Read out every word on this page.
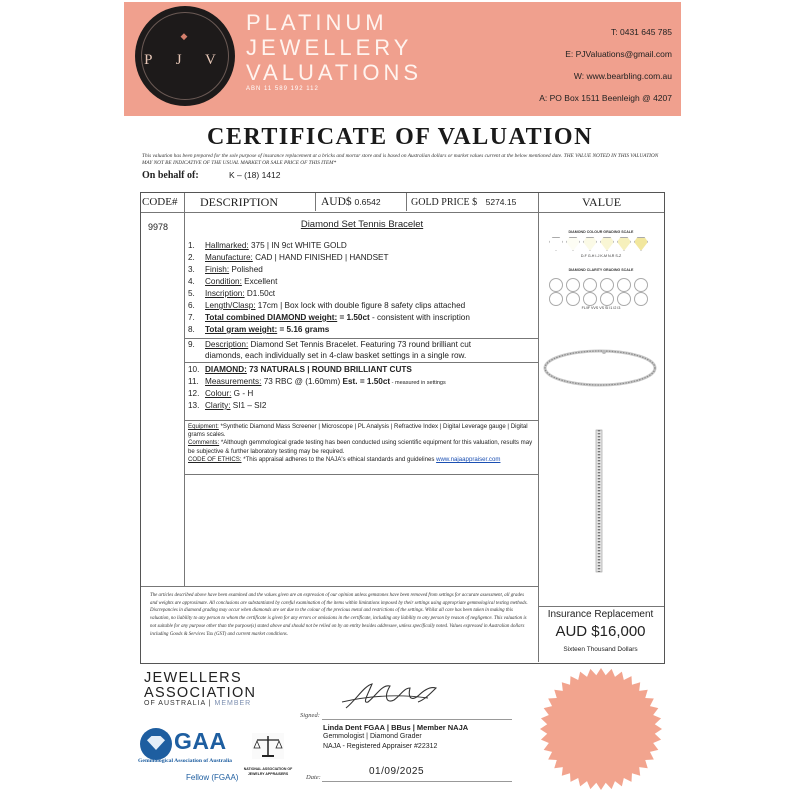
◆
P J V
PLATINUM
JEWELLERY
VALUATIONS
ABN 11 589 192 112
T: 0431 645 785
E: PJValuations@gmail.com
W: www.bearbling.com.au
A: PO Box 1511 Beenleigh @ 4207
CERTIFICATE OF VALUATION
This valuation has been prepared for the sole purpose of insurance replacement at a bricks and mortar store and is based on Australian dollars or market values current at the below mentioned date. THE VALUE NOTED IN THIS VALUATION MAY NOT BE INDICATIVE OF THE USUAL MARKET OR SALE PRICE OF THIS ITEM*
On behalf of:	K – (18) 1412
CODE#	DESCRIPTION	AUD$ 0.6542	GOLD PRICE $ 5274.15	VALUE
9978	Diamond Set Tennis Bracelet
1. Hallmarked: 375 | IN 9ct WHITE GOLD
2. Manufacture: CAD | HAND FINISHED | HANDSET
3. Finish: Polished
4. Condition: Excellent
5. Inscription: D1.50ct
6. Length/Clasp: 17cm | Box lock with double figure 8 safety clips attached
7. Total combined DIAMOND weight: = 1.50ct - consistent with inscription
8. Total gram weight: = 5.16 grams
9. Description: Diamond Set Tennis Bracelet. Featuring 73 round brilliant cut
diamonds, each individually set in 4-claw basket settings in a single row.
10. DIAMOND: 73 NATURALS | ROUND BRILLIANT CUTS
11. Measurements: 73 RBC @ (1.60mm) Est. = 1.50ct - measured in settings
12. Colour: G - H
13. Clarity: SI1 – SI2
Equipment: *Synthetic Diamond Mass Screener | Microscope | PL Analysis | Refractive Index | Digital Leverage gauge | Digital grams scales.
Comments: *Although gemmological grade testing has been conducted using scientific equipment for this valuation, results may be subjective & further laboratory testing may be required.
CODE OF ETHICS: *This appraisal adheres to the NAJA's ethical standards and guidelines www.najaappraiser.com
The articles described above have been examined and the values given are an expression of our opinion unless gemstones have been removed from settings for accurate assessment, all grades and weights are approximate. All conclusions are substantiated by careful examination of the items within limitations imposed by their settings using appropriate gemmological testing methods. Discrepancies in diamond grading may occur when diamonds are set due to the colour of the precious metal and restrictions of the settings. Whilst all care has been taken in making this valuation, no liability to any person to whom the certificate is given for any errors or omissions in the certificate, including any liability to any person by reason of negligence. This valuation is not suitable for any purpose other than the purpose(s) stated above and should not be relied on by an entity besides addressee, unless specifically noted. Values expressed in Australian dollars including Goods & Services Tax (GST) and current market conditions.
DIAMOND COLOUR GRADING SCALE
D-F G-H I-J K-M N-R S-Z
DIAMOND CLARITY GRADING SCALE
FL/IF VVS VS SI I1 I2 I3
Insurance Replacement
AUD $16,000
Sixteen Thousand Dollars
JEWELLERS
ASSOCIATION
OF AUSTRALIA | MEMBER
GAA
Gemmological Association of Australia
Fellow (FGAA)
NATIONAL ASSOCIATION OF JEWELRY APPRAISERS
Signed:
Linda Dent FGAA | BBus | Member NAJA
Gemmologist | Diamond Grader
NAJA - Registered Appraiser #22312
Date:
01/09/2025
